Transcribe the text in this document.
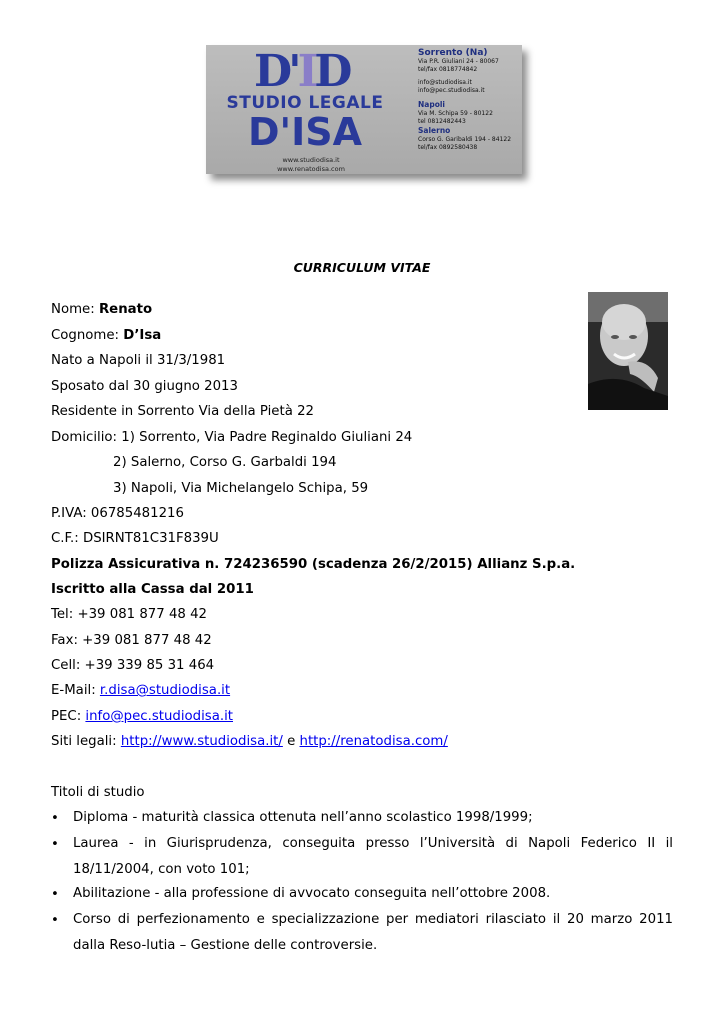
D'ID
STUDIO LEGALE
D'ISA
www.studiodisa.it
www.renatodisa.com
Sorrento (Na)
Via P.R. Giuliani 24 - 80067
tel/fax 0818774842
info@studiodisa.it
info@pec.studiodisa.it
Napoli
Via M. Schipa 59 - 80122
tel 0812482443
Salerno
Corso G. Garibaldi 194 - 84122
tel/fax 0892580438
CURRICULUM VITAE
Nome: Renato
Cognome: D’Isa
Nato a Napoli il 31/3/1981
Sposato dal 30 giugno 2013
Residente in Sorrento Via della Pietà 22
Domicilio: 1) Sorrento, Via Padre Reginaldo Giuliani 24
2) Salerno, Corso G. Garbaldi 194
3) Napoli, Via Michelangelo Schipa, 59
P.IVA: 06785481216
C.F.: DSIRNT81C31F839U
Polizza Assicurativa n. 724236590 (scadenza 26/2/2015) Allianz S.p.a.
Iscritto alla Cassa dal 2011
Tel: +39 081 877 48 42
Fax: +39 081 877 48 42
Cell: +39 339 85 31 464
E-Mail: r.disa@studiodisa.it
PEC: info@pec.studiodisa.it
Siti legali: http://www.studiodisa.it/ e http://renatodisa.com/
Titoli di studio
• Diploma - maturità classica ottenuta nell’anno scolastico 1998/1999;
• Laurea - in Giurisprudenza, conseguita presso l’Università di Napoli Federico II il 18/11/2004, con voto 101;
• Abilitazione - alla professione di avvocato conseguita nell’ottobre 2008.
• Corso di perfezionamento e specializzazione per mediatori rilasciato il 20 marzo 2011 dalla Reso-lutia – Gestione delle controversie.
